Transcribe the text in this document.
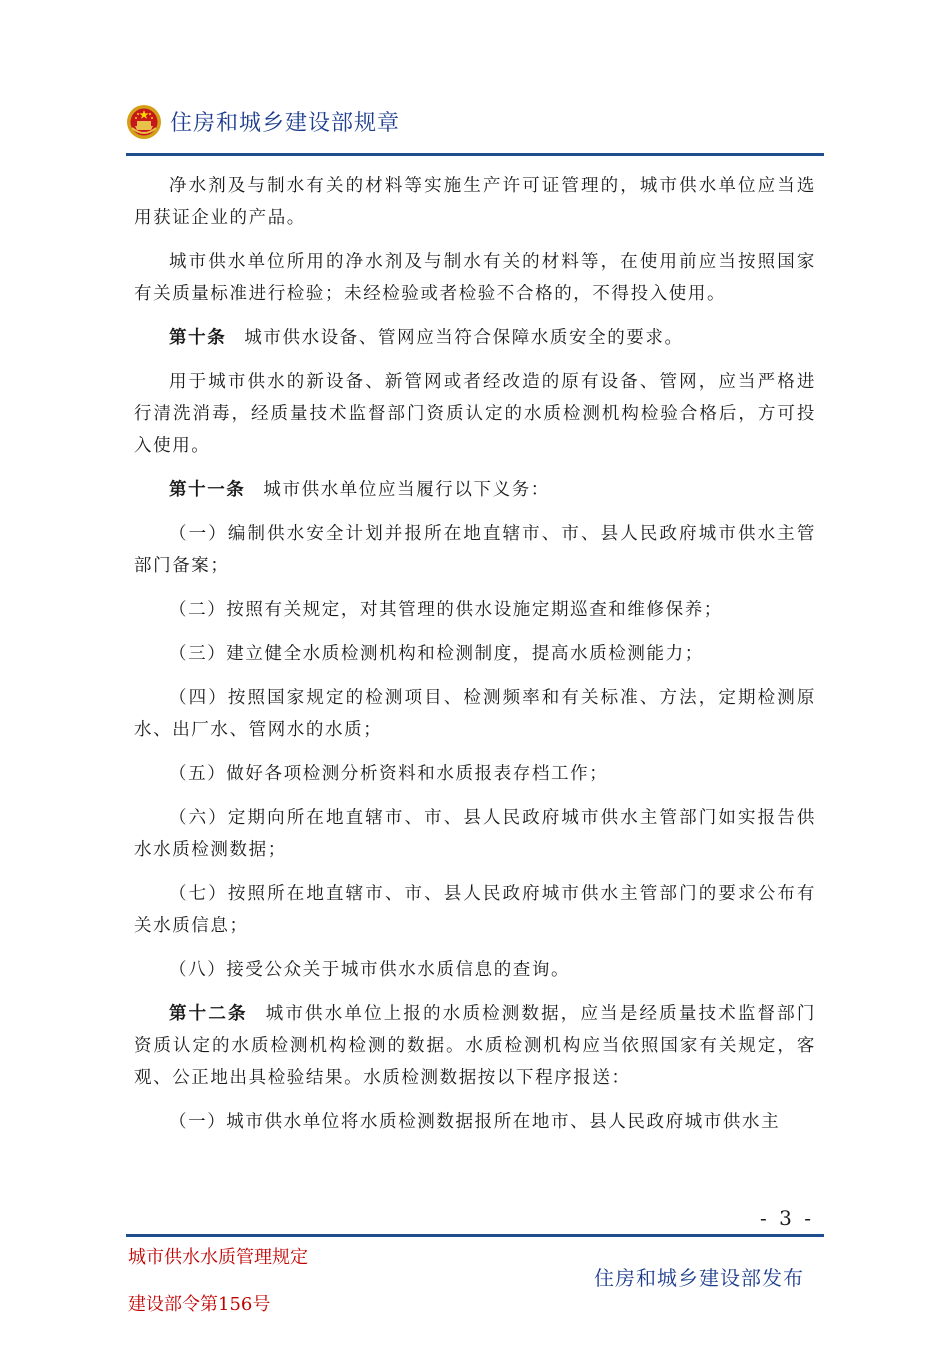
住房和城乡建设部规章

净水剂及与制水有关的材料等实施生产许可证管理的，城市供水单位应当选用获证企业的产品。

城市供水单位所用的净水剂及与制水有关的材料等，在使用前应当按照国家有关质量标准进行检验；未经检验或者检验不合格的，不得投入使用。

第十条 城市供水设备、管网应当符合保障水质安全的要求。

用于城市供水的新设备、新管网或者经改造的原有设备、管网，应当严格进行清洗消毒，经质量技术监督部门资质认定的水质检测机构检验合格后，方可投入使用。

第十一条 城市供水单位应当履行以下义务：

（一）编制供水安全计划并报所在地直辖市、市、县人民政府城市供水主管部门备案；

（二）按照有关规定，对其管理的供水设施定期巡查和维修保养；

（三）建立健全水质检测机构和检测制度，提高水质检测能力；

（四）按照国家规定的检测项目、检测频率和有关标准、方法，定期检测原水、出厂水、管网水的水质；

（五）做好各项检测分析资料和水质报表存档工作；

（六）定期向所在地直辖市、市、县人民政府城市供水主管部门如实报告供水水质检测数据；

（七）按照所在地直辖市、市、县人民政府城市供水主管部门的要求公布有关水质信息；

（八）接受公众关于城市供水水质信息的查询。

第十二条 城市供水单位上报的水质检测数据，应当是经质量技术监督部门资质认定的水质检测机构检测的数据。水质检测机构应当依照国家有关规定，客观、公正地出具检验结果。水质检测数据按以下程序报送：

（一）城市供水单位将水质检测数据报所在地市、县人民政府城市供水主

- 3 -
城市供水水质管理规定
建设部令第156号
住房和城乡建设部发布
